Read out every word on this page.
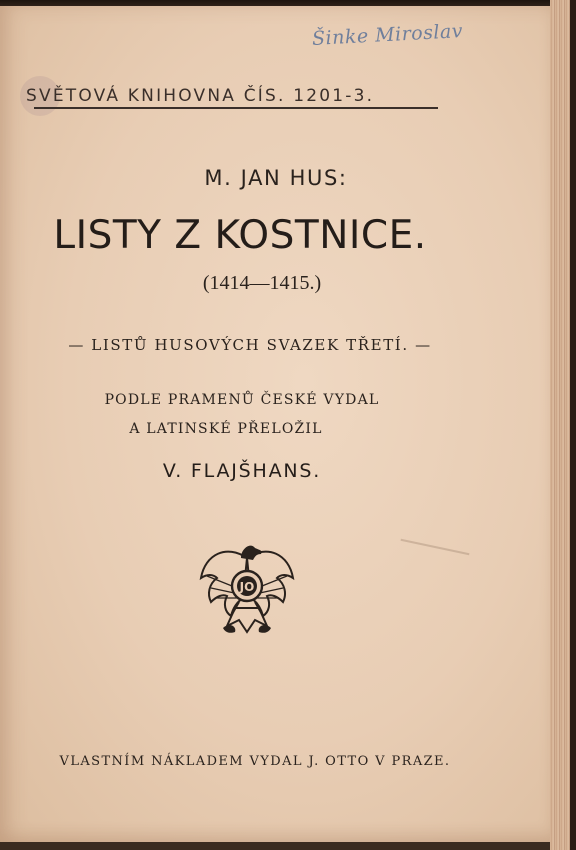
Šinke Miroslav
SVĚTOVÁ KNIHOVNA ČÍS. 1201-3.
M. JAN HUS:
LISTY Z KOSTNICE.
(1414—1415.)
— LISTŮ HUSOVÝCH SVAZEK TŘETÍ. —
PODLE PRAMENŮ ČESKÉ VYDAL
A LATINSKÉ PŘELOŽIL
V. FLAJŠHANS.
JO
VLASTNÍM NÁKLADEM VYDAL J. OTTO V PRAZE.
